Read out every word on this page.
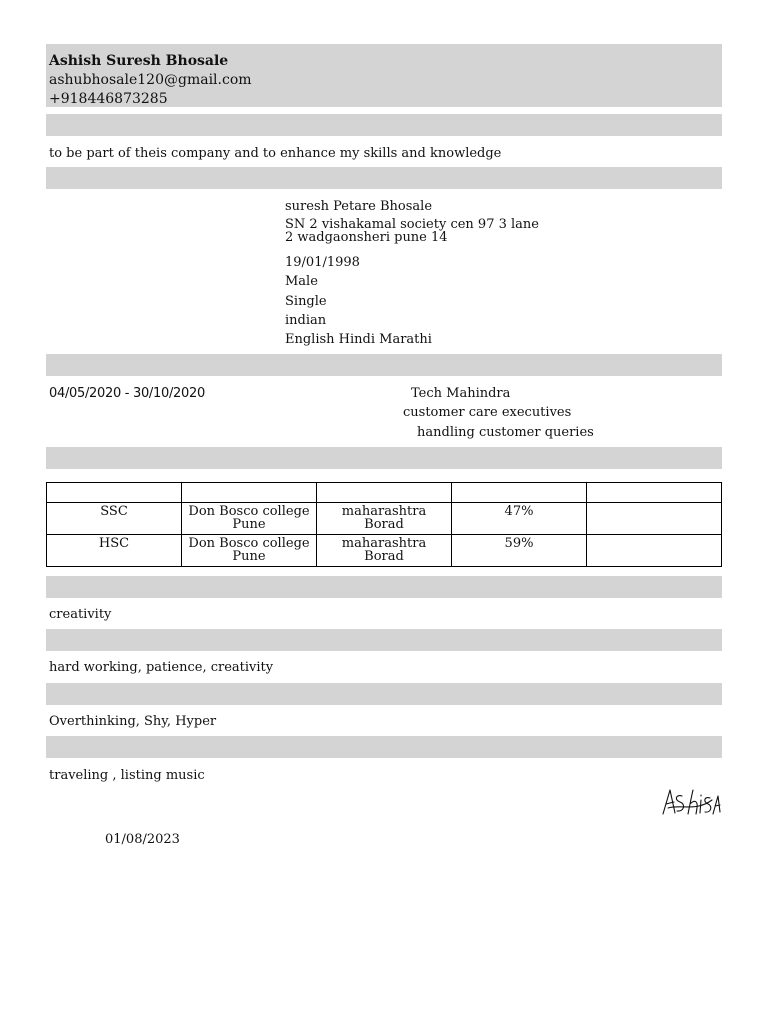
Ashish Suresh Bhosale
ashubhosale120@gmail.com
+918446873285
to be part of theis company and to enhance my skills and knowledge
suresh Petare Bhosale
SN 2 vishakamal society cen 97 3 lane
2 wadgaonsheri pune 14
19/01/1998
Male
Single
indian
English Hindi Marathi
04/05/2020 - 30/10/2020	Tech Mahindra
customer care executives
handling customer queries

SSC	Don Bosco college
Pune	maharashtra Borad	47%	
HSC	Don Bosco college
Pune	maharashtra Borad	59%	
creativity
hard working, patience, creativity
Overthinking, Shy, Hyper
traveling , listing music
01/08/2023
